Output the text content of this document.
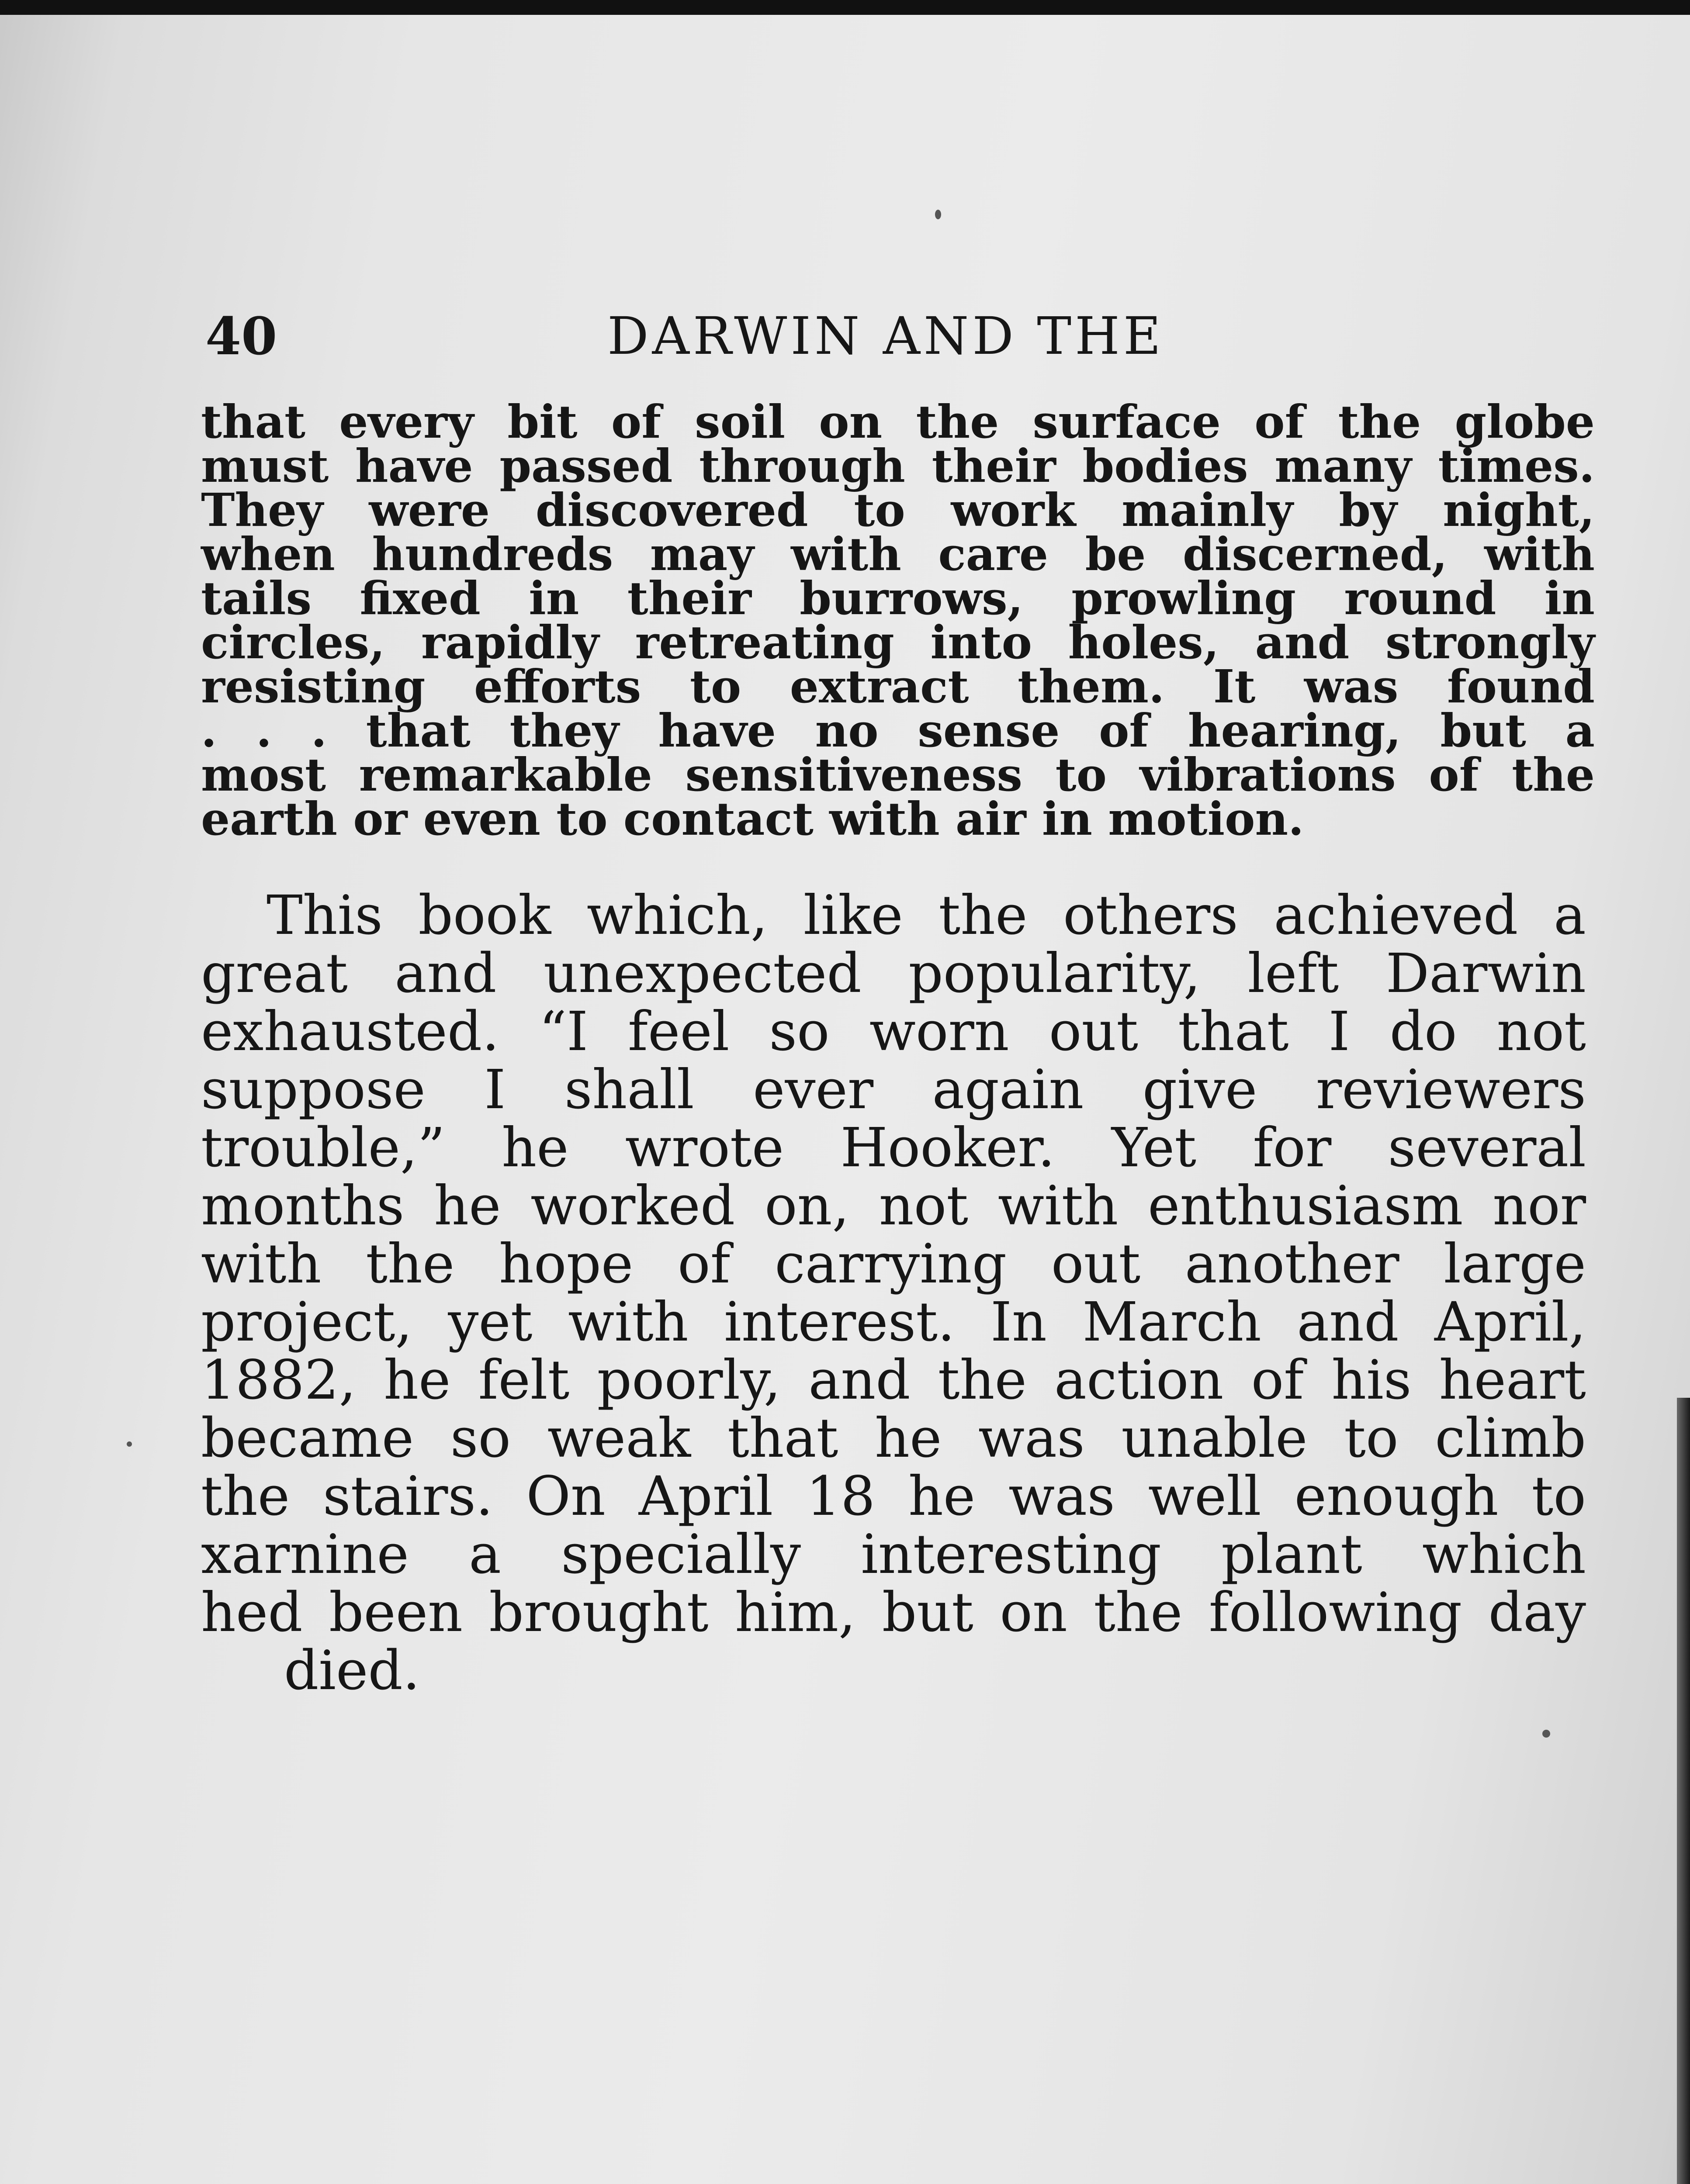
40	DARWIN AND THE
that every bit of soil on the surface of the globe
must have passed through their bodies many times.
They were discovered to work mainly by night,
when hundreds may with care be discerned, with
tails fixed in their burrows, prowling round in
circles, rapidly retreating into holes, and strongly
resisting efforts to extract them. It was found
. . . that they have no sense of hearing, but a
most remarkable sensitiveness to vibrations of the
earth or even to contact with air in motion.
This book which, like the others achieved a
great and unexpected popularity, left Darwin
exhausted. “I feel so worn out that I do not
suppose I shall ever again give reviewers
trouble,” he wrote Hooker. Yet for several
months he worked on, not with enthusiasm nor
with the hope of carrying out another large
project, yet with interest. In March and April,
1882, he felt poorly, and the action of his heart
became so weak that he was unable to climb
the stairs. On April 18 he was well enough to
xarnine a specially interesting plant which
hed been brought him, but on the following day
died.
